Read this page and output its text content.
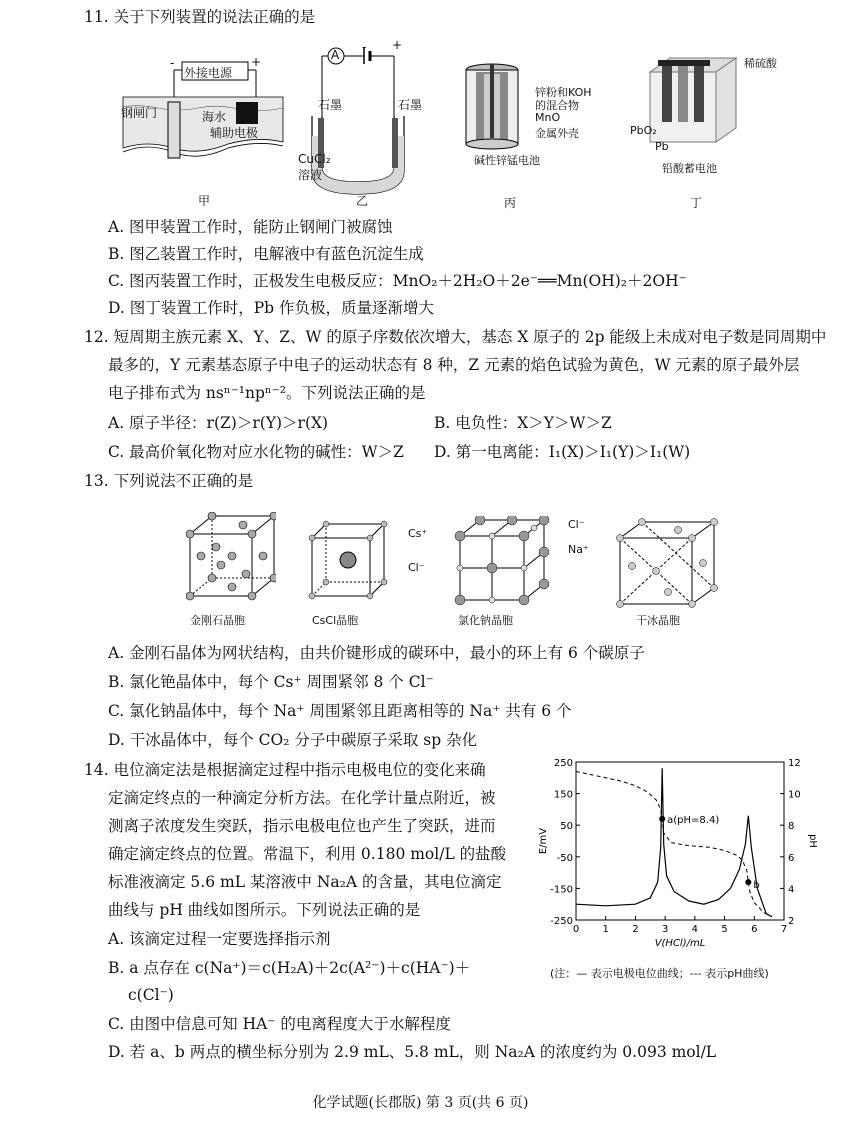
11. 关于下列装置的说法正确的是
外接电源
-	+
钢闸门	海水
辅助电极
甲
A
- +
石墨	石墨
CuCl₂
溶液
乙
锌粉和KOH
的混合物
MnO
金属外壳
碱性锌锰电池
丙
稀硫酸
PbO₂
Pb
铅酸蓄电池
丁
A. 图甲装置工作时，能防止钢闸门被腐蚀
B. 图乙装置工作时，电解液中有蓝色沉淀生成
C. 图丙装置工作时，正极发生电极反应：MnO₂＋2H₂O＋2e⁻══Mn(OH)₂＋2OH⁻
D. 图丁装置工作时，Pb 作负极，质量逐渐增大
12. 短周期主族元素 X、Y、Z、W 的原子序数依次增大，基态 X 原子的 2p 能级上未成对电子数是同周期中
最多的，Y 元素基态原子中电子的运动状态有 8 种，Z 元素的焰色试验为黄色，W 元素的原子最外层
电子排布式为 nsⁿ⁻¹npⁿ⁻²。下列说法正确的是
A. 原子半径：r(Z)＞r(Y)＞r(X)	B. 电负性：X＞Y＞W＞Z
C. 最高价氧化物对应水化物的碱性：W＞Z D. 第一电离能：I₁(X)＞I₁(Y)＞I₁(W)
13. 下列说法不正确的是
Cs⁺
Cl⁻
Cl⁻
Na⁺
金刚石晶胞	CsCl晶胞	氯化钠晶胞	干冰晶胞
A. 金刚石晶体为网状结构，由共价键形成的碳环中，最小的环上有 6 个碳原子
B. 氯化铯晶体中，每个 Cs⁺ 周围紧邻 8 个 Cl⁻
C. 氯化钠晶体中，每个 Na⁺ 周围紧邻且距离相等的 Na⁺ 共有 6 个
D. 干冰晶体中，每个 CO₂ 分子中碳原子采取 sp 杂化
14. 电位滴定法是根据滴定过程中指示电极电位的变化来确
定滴定终点的一种滴定分析方法。在化学计量点附近，被
测离子浓度发生突跃，指示电极电位也产生了突跃，进而
确定滴定终点的位置。常温下，利用 0.180 mol/L 的盐酸
标准液滴定 5.6 mL 某溶液中 Na₂A 的含量，其电位滴定
曲线与 pH 曲线如图所示。下列说法正确的是
A. 该滴定过程一定要选择指示剂
B. a 点存在 c(Na⁺)＝c(H₂A)＋2c(A²⁻)＋c(HA⁻)＋
c(Cl⁻)
C. 由图中信息可知 HA⁻ 的电离程度大于水解程度
D. 若 a、b 两点的横坐标分别为 2.9 mL、5.8 mL，则 Na₂A 的浓度约为 0.093 mol/L
0 1 2 3 4 5 6 7
250
150
50
-50
-150
-250
12
10
8
6
4
2
V(HCl)/mL
E/mV	pH
a(pH=8.4)
b
(注：— 表示电极电位曲线；--- 表示pH曲线)
化学试题(长郡版) 第 3 页(共 6 页)
